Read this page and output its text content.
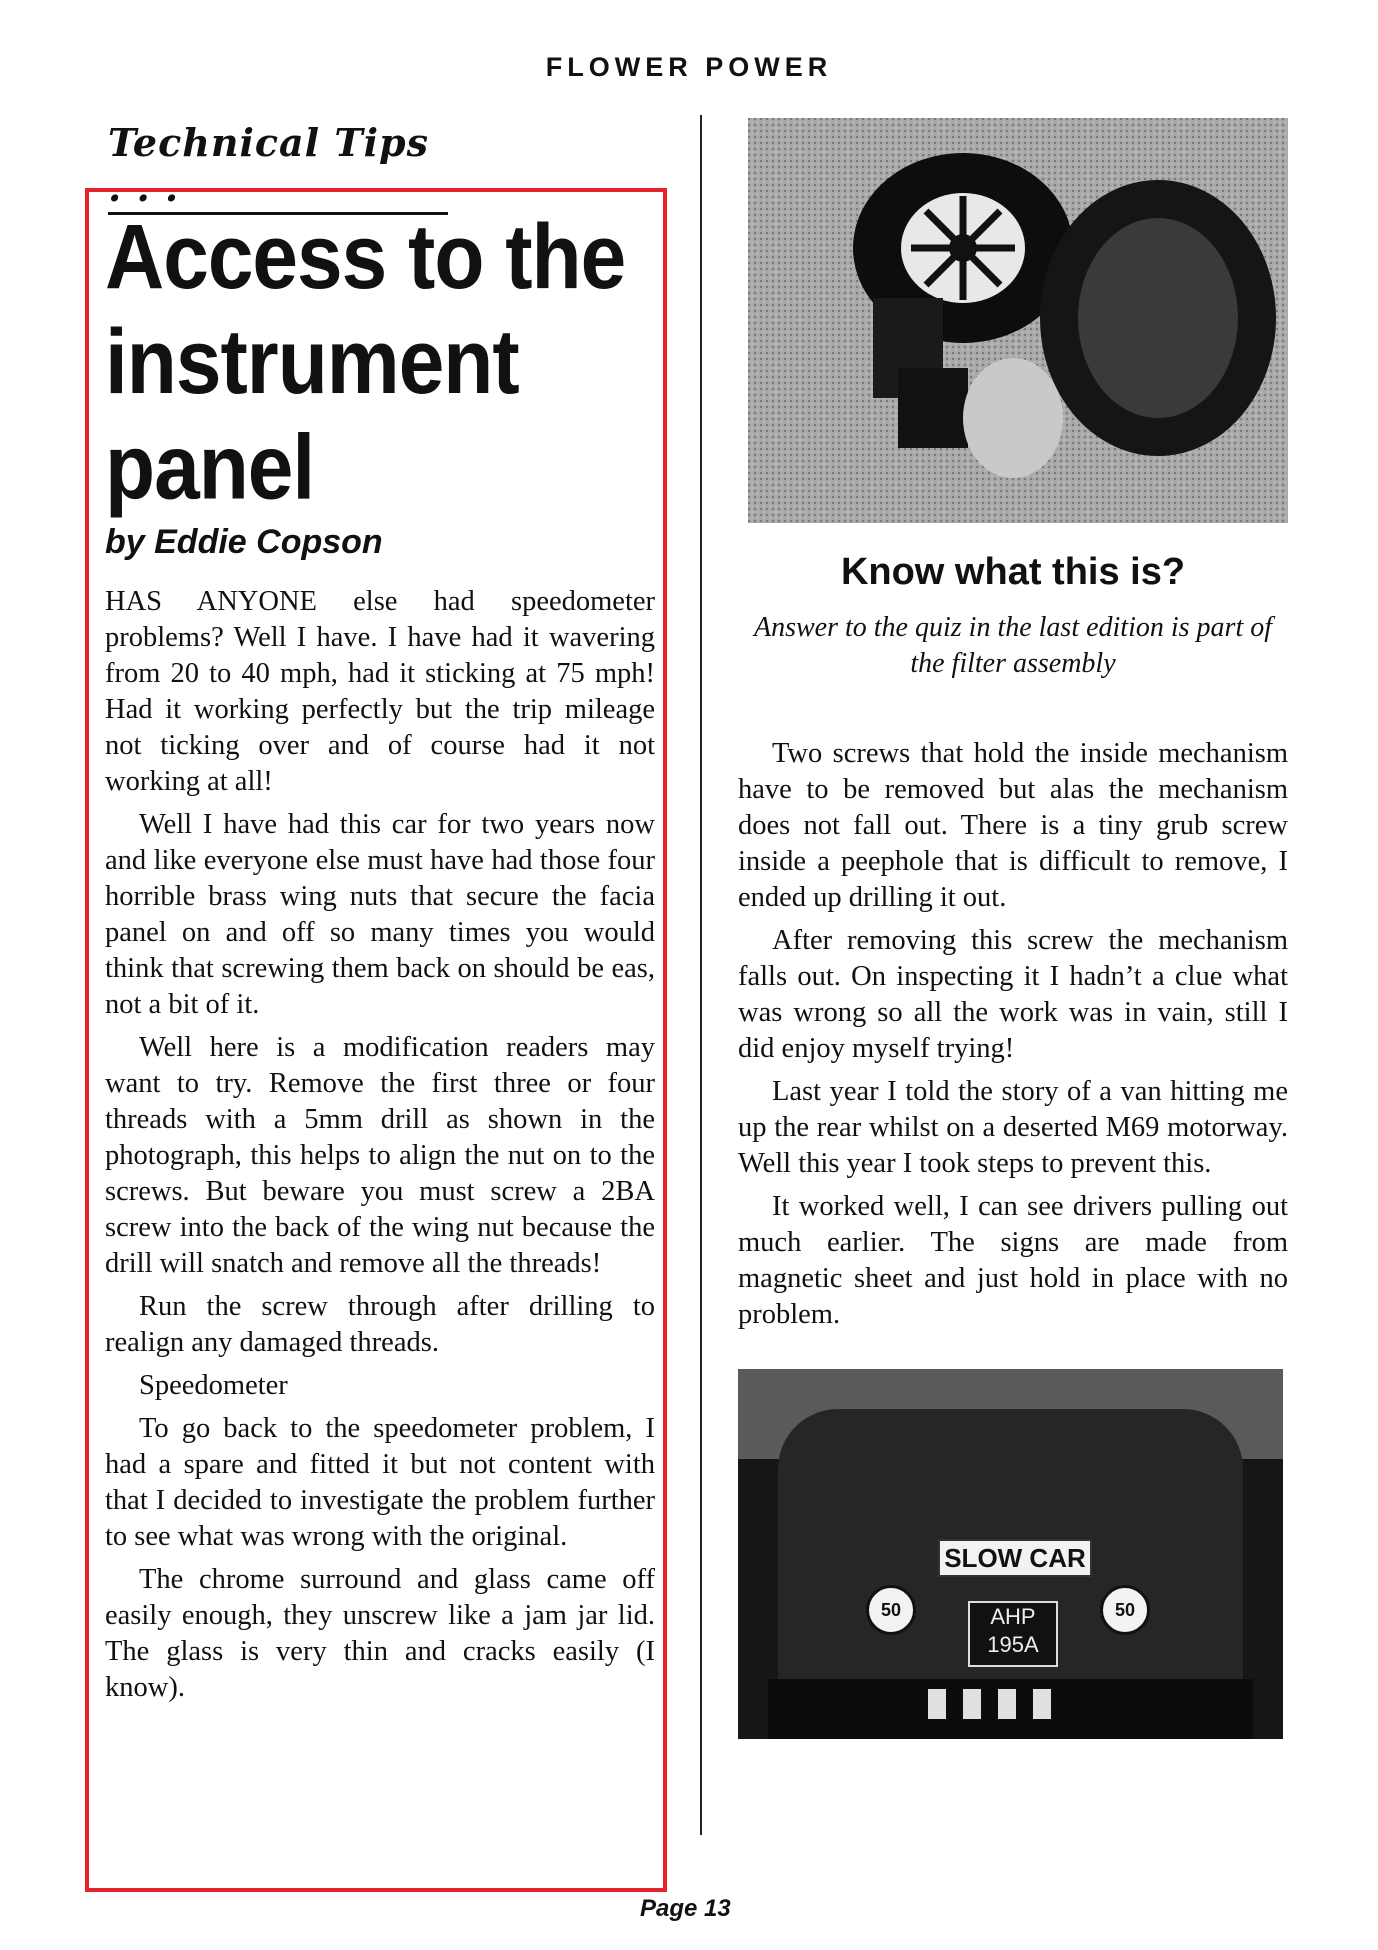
FLOWER POWER
Technical Tips . . .
Access to the instrument panel
by Eddie Copson

HAS ANYONE else had speedometer problems? Well I have. I have had it wavering from 20 to 40 mph, had it sticking at 75 mph! Had it working perfectly but the trip mileage not ticking over and of course had it not working at all!

Well I have had this car for two years now and like everyone else must have had those four horrible brass wing nuts that secure the facia panel on and off so many times you would think that screwing them back on should be eas, not a bit of it.

Well here is a modification readers may want to try. Remove the first three or four threads with a 5mm drill as shown in the photograph, this helps to align the nut on to the screws. But beware you must screw a 2BA screw into the back of the wing nut because the drill will snatch and remove all the threads!

Run the screw through after drilling to realign any damaged threads.

Speedometer

To go back to the speedometer problem, I had a spare and fitted it but not content with that I decided to investigate the problem further to see what was wrong with the original.

The chrome surround and glass came off easily enough, they unscrew like a jam jar lid. The glass is very thin and cracks easily (I know).

Know what this is?
Answer to the quiz in the last edition is part of the filter assembly

Two screws that hold the inside mechanism have to be removed but alas the mechanism does not fall out. There is a tiny grub screw inside a peephole that is difficult to remove, I ended up drilling it out.

After removing this screw the mechanism falls out. On inspecting it I hadn’t a clue what was wrong so all the work was in vain, still I did enjoy myself trying!

Last year I told the story of a van hitting me up the rear whilst on a deserted M69 motorway. Well this year I took steps to prevent this.

It worked well, I can see drivers pulling out much earlier. The signs are made from magnetic sheet and just hold in place with no problem.

SLOW CAR
50	50
AHP
195A
Page 13
